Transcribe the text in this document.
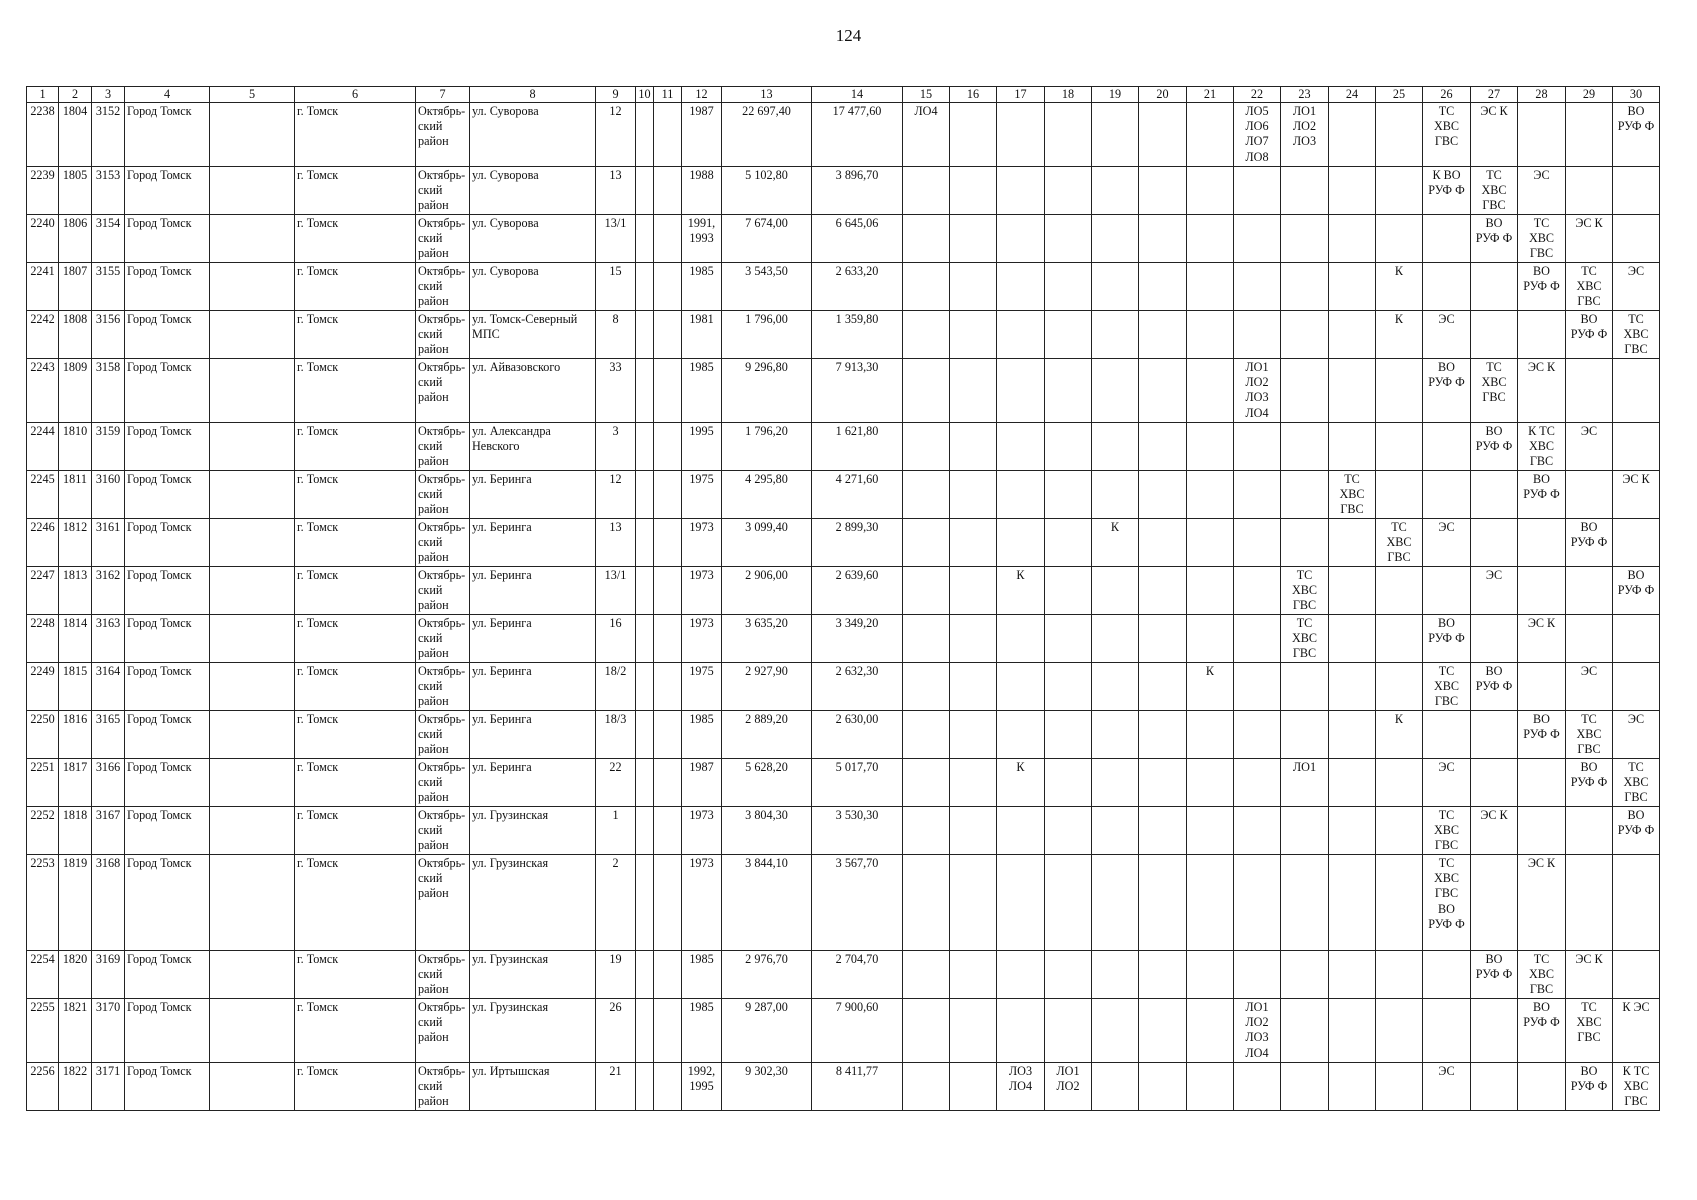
124
1	2	3	4	5	6	7	8	9	10	11	12	13	14	15	16	17	18	19	20	21	22	23	24	25	26	27	28	29	30
2238	1804	3152	Город Томск		г. Томск	Октябрь-
ский
район	ул. Суворова	12			1987	22 697,40	17 477,60	ЛО4							ЛО5
ЛО6
ЛО7
ЛО8	ЛО1
ЛО2
ЛО3			ТС
ХВС
ГВС	ЭС К			ВО
РУФ Ф
2239	1805	3153	Город Томск		г. Томск	Октябрь-
ский
район	ул. Суворова	13			1988	5 102,80	3 896,70												К ВО
РУФ Ф	ТС
ХВС
ГВС	ЭС		
2240	1806	3154	Город Томск		г. Томск	Октябрь-
ский
район	ул. Суворова	13/1			1991,
1993	7 674,00	6 645,06													ВО
РУФ Ф	ТС
ХВС
ГВС	ЭС К	
2241	1807	3155	Город Томск		г. Томск	Октябрь-
ский
район	ул. Суворова	15			1985	3 543,50	2 633,20											К			ВО
РУФ Ф	ТС
ХВС
ГВС	ЭС
2242	1808	3156	Город Томск		г. Томск	Октябрь-
ский
район	ул. Томск-Северный
МПС	8			1981	1 796,00	1 359,80											К	ЭС			ВО
РУФ Ф	ТС
ХВС
ГВС
2243	1809	3158	Город Томск		г. Томск	Октябрь-
ский
район	ул. Айвазовского	33			1985	9 296,80	7 913,30								ЛО1
ЛО2
ЛО3
ЛО4				ВО
РУФ Ф	ТС
ХВС
ГВС	ЭС К		
2244	1810	3159	Город Томск		г. Томск	Октябрь-
ский
район	ул. Александра
Невского	3			1995	1 796,20	1 621,80													ВО
РУФ Ф	К ТС
ХВС
ГВС	ЭС	
2245	1811	3160	Город Томск		г. Томск	Октябрь-
ский
район	ул. Беринга	12			1975	4 295,80	4 271,60										ТС
ХВС
ГВС				ВО
РУФ Ф		ЭС К
2246	1812	3161	Город Томск		г. Томск	Октябрь-
ский
район	ул. Беринга	13			1973	3 099,40	2 899,30					К						ТС
ХВС
ГВС	ЭС			ВО
РУФ Ф	
2247	1813	3162	Город Томск		г. Томск	Октябрь-
ский
район	ул. Беринга	13/1			1973	2 906,00	2 639,60			К						ТС
ХВС
ГВС				ЭС			ВО
РУФ Ф
2248	1814	3163	Город Томск		г. Томск	Октябрь-
ский
район	ул. Беринга	16			1973	3 635,20	3 349,20									ТС
ХВС
ГВС			ВО
РУФ Ф		ЭС К		
2249	1815	3164	Город Томск		г. Томск	Октябрь-
ский
район	ул. Беринга	18/2			1975	2 927,90	2 632,30							К					ТС
ХВС
ГВС	ВО
РУФ Ф		ЭС	
2250	1816	3165	Город Томск		г. Томск	Октябрь-
ский
район	ул. Беринга	18/3			1985	2 889,20	2 630,00											К			ВО
РУФ Ф	ТС
ХВС
ГВС	ЭС
2251	1817	3166	Город Томск		г. Томск	Октябрь-
ский
район	ул. Беринга	22			1987	5 628,20	5 017,70			К						ЛО1			ЭС			ВО
РУФ Ф	ТС
ХВС
ГВС
2252	1818	3167	Город Томск		г. Томск	Октябрь-
ский
район	ул. Грузинская	1			1973	3 804,30	3 530,30												ТС
ХВС
ГВС	ЭС К			ВО
РУФ Ф
2253	1819	3168	Город Томск		г. Томск	Октябрь-
ский
район	ул. Грузинская	2			1973	3 844,10	3 567,70												ТС
ХВС
ГВС
ВО
РУФ Ф		ЭС К		
2254	1820	3169	Город Томск		г. Томск	Октябрь-
ский
район	ул. Грузинская	19			1985	2 976,70	2 704,70													ВО
РУФ Ф	ТС
ХВС
ГВС	ЭС К	
2255	1821	3170	Город Томск		г. Томск	Октябрь-
ский
район	ул. Грузинская	26			1985	9 287,00	7 900,60								ЛО1
ЛО2
ЛО3
ЛО4						ВО
РУФ Ф	ТС
ХВС
ГВС	К ЭС
2256	1822	3171	Город Томск		г. Томск	Октябрь-
ский
район	ул. Иртышская	21			1992,
1995	9 302,30	8 411,77			ЛО3
ЛО4	ЛО1
ЛО2								ЭС			ВО
РУФ Ф	К ТС
ХВС
ГВС
